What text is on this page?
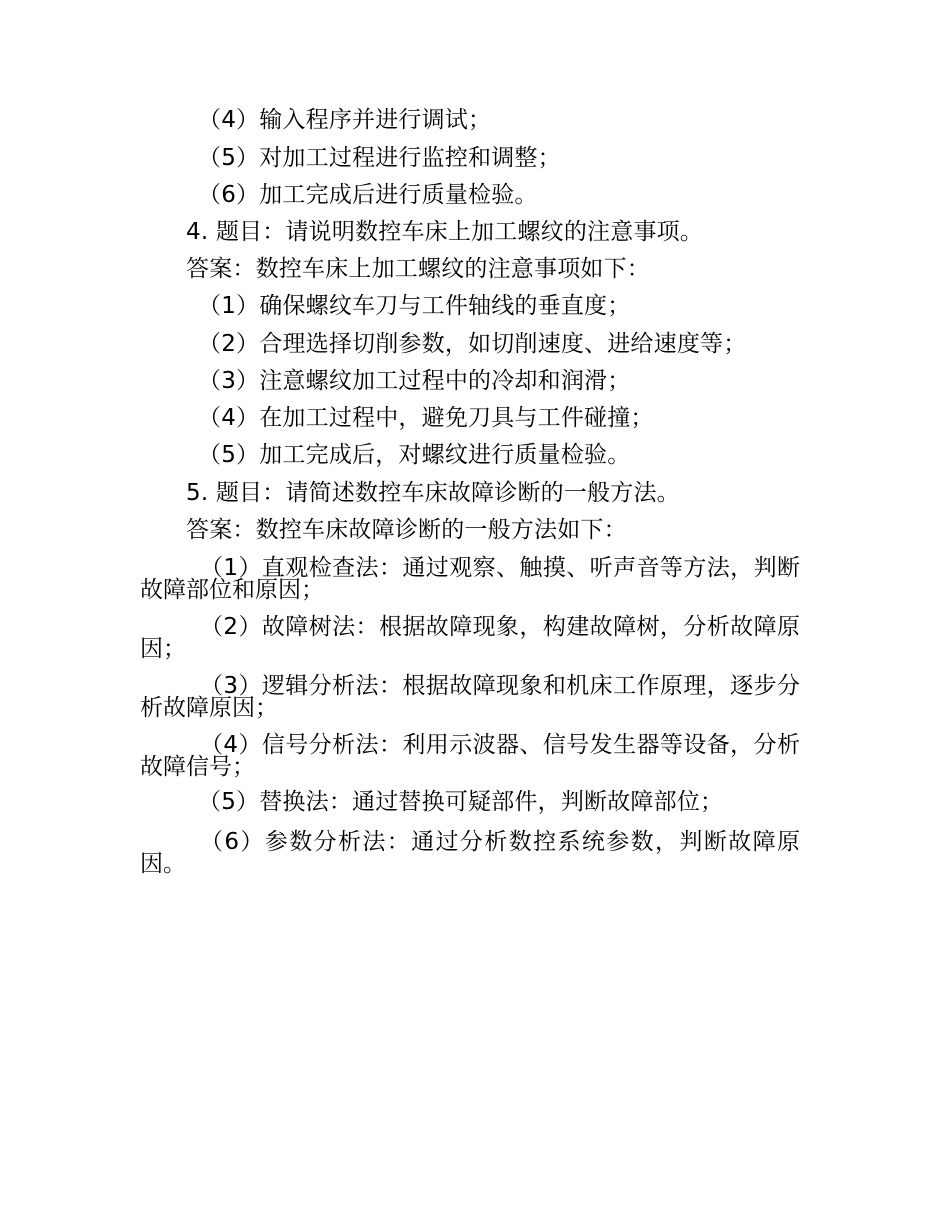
（4）输入程序并进行调试；
（5）对加工过程进行监控和调整；
（6）加工完成后进行质量检验。
4. 题目：请说明数控车床上加工螺纹的注意事项。
答案：数控车床上加工螺纹的注意事项如下：
（1）确保螺纹车刀与工件轴线的垂直度；
（2）合理选择切削参数，如切削速度、进给速度等；
（3）注意螺纹加工过程中的冷却和润滑；
（4）在加工过程中，避免刀具与工件碰撞；
（5）加工完成后，对螺纹进行质量检验。
5. 题目：请简述数控车床故障诊断的一般方法。
答案：数控车床故障诊断的一般方法如下：
（1）直观检查法：通过观察、触摸、听声音等方法，判断故障部位和原因；
（2）故障树法：根据故障现象，构建故障树，分析故障原因；
（3）逻辑分析法：根据故障现象和机床工作原理，逐步分析故障原因；
（4）信号分析法：利用示波器、信号发生器等设备，分析故障信号；
（5）替换法：通过替换可疑部件，判断故障部位；
（6）参数分析法：通过分析数控系统参数，判断故障原因。
